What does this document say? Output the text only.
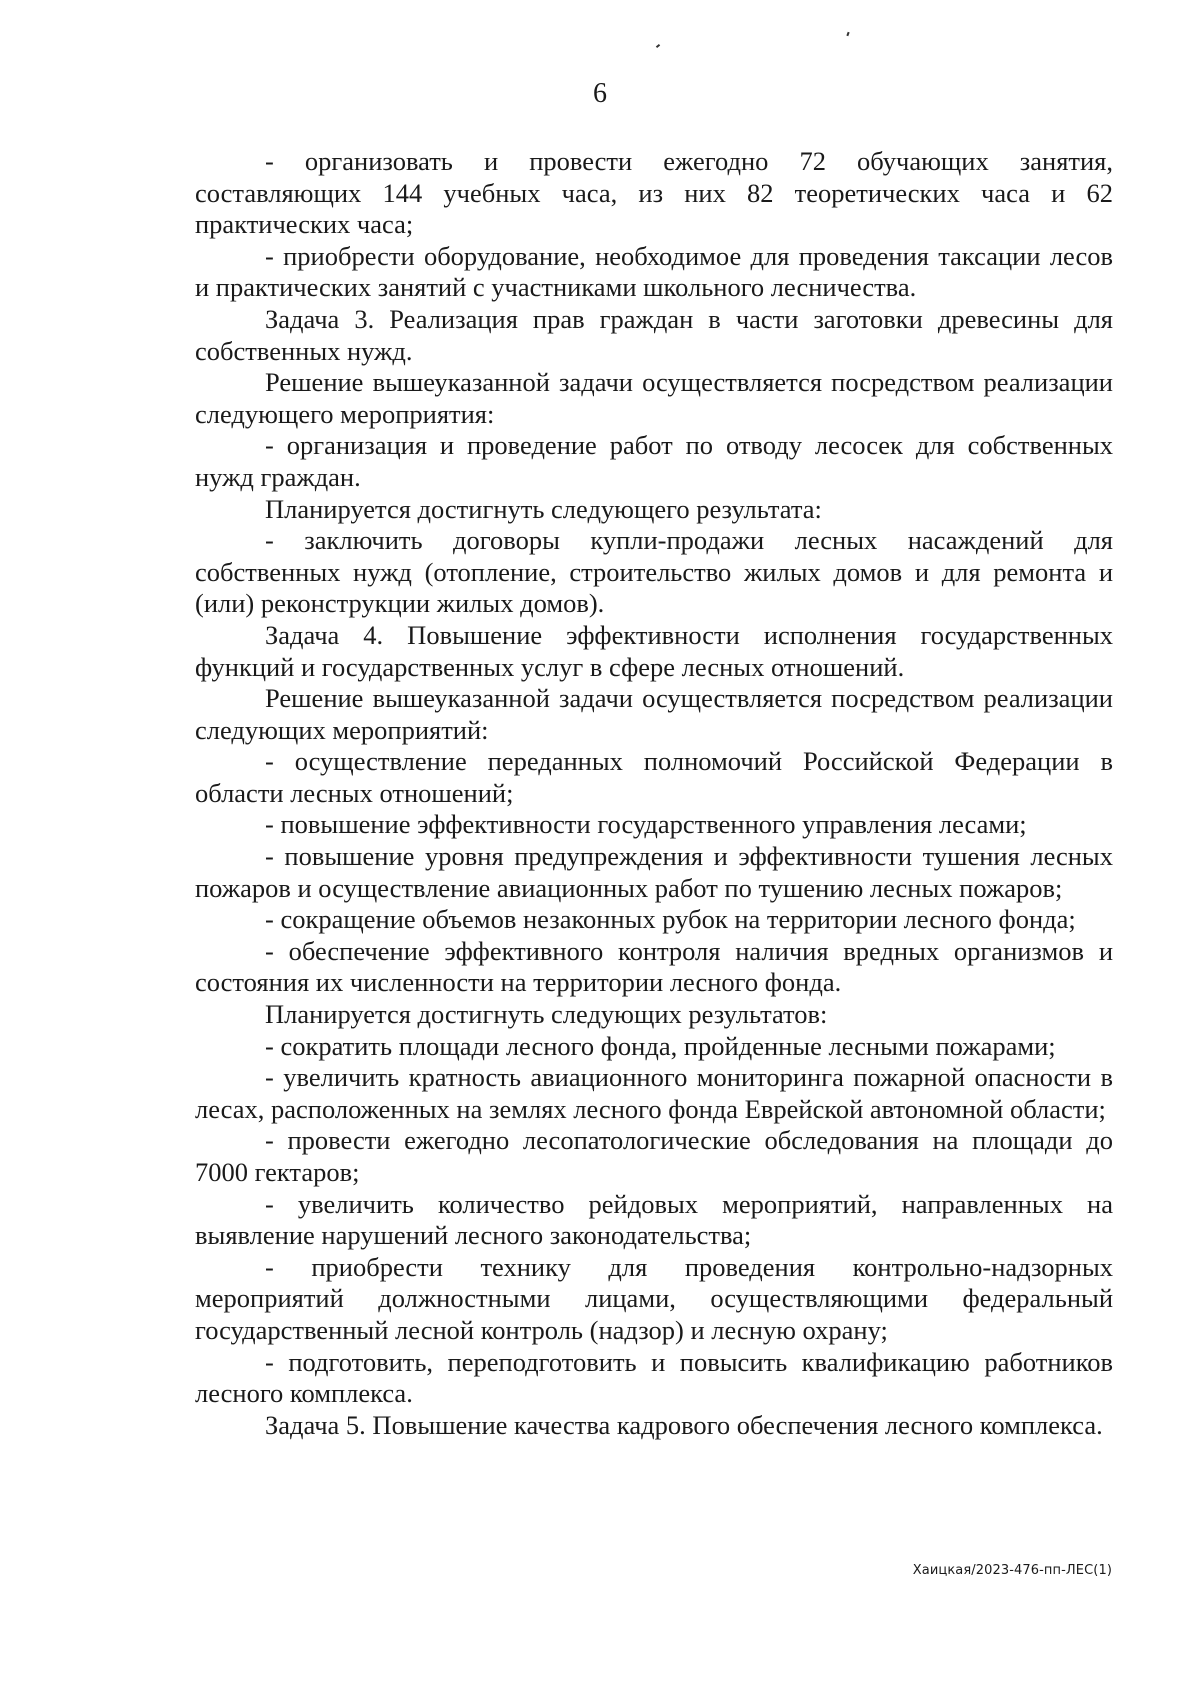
6

- организовать и провести ежегодно 72 обучающих занятия, составляющих 144 учебных часа, из них 82 теоретических часа и 62 практических часа;

- приобрести оборудование, необходимое для проведения таксации лесов и практических занятий с участниками школьного лесничества.

Задача 3. Реализация прав граждан в части заготовки древесины для собственных нужд.

Решение вышеуказанной задачи осуществляется посредством реализации следующего мероприятия:

- организация и проведение работ по отводу лесосек для собственных нужд граждан.

Планируется достигнуть следующего результата:

- заключить договоры купли-продажи лесных насаждений для собственных нужд (отопление, строительство жилых домов и для ремонта и (или) реконструкции жилых домов).

Задача 4. Повышение эффективности исполнения государственных функций и государственных услуг в сфере лесных отношений.

Решение вышеуказанной задачи осуществляется посредством реализации следующих мероприятий:

- осуществление переданных полномочий Российской Федерации в области лесных отношений;

- повышение эффективности государственного управления лесами;

- повышение уровня предупреждения и эффективности тушения лесных пожаров и осуществление авиационных работ по тушению лесных пожаров;

- сокращение объемов незаконных рубок на территории лесного фонда;

- обеспечение эффективного контроля наличия вредных организмов и состояния их численности на территории лесного фонда.

Планируется достигнуть следующих результатов:

- сократить площади лесного фонда, пройденные лесными пожарами;

- увеличить кратность авиационного мониторинга пожарной опасности в лесах, расположенных на землях лесного фонда Еврейской автономной области;

- провести ежегодно лесопатологические обследования на площади до 7000 гектаров;

- увеличить количество рейдовых мероприятий, направленных на выявление нарушений лесного законодательства;

- приобрести технику для проведения контрольно-надзорных мероприятий должностными лицами, осуществляющими федеральный государственный лесной контроль (надзор) и лесную охрану;

- подготовить, переподготовить и повысить квалификацию работников лесного комплекса.

Задача 5. Повышение качества кадрового обеспечения лесного комплекса.

Хаицкая/2023-476-пп-ЛЕС(1)
